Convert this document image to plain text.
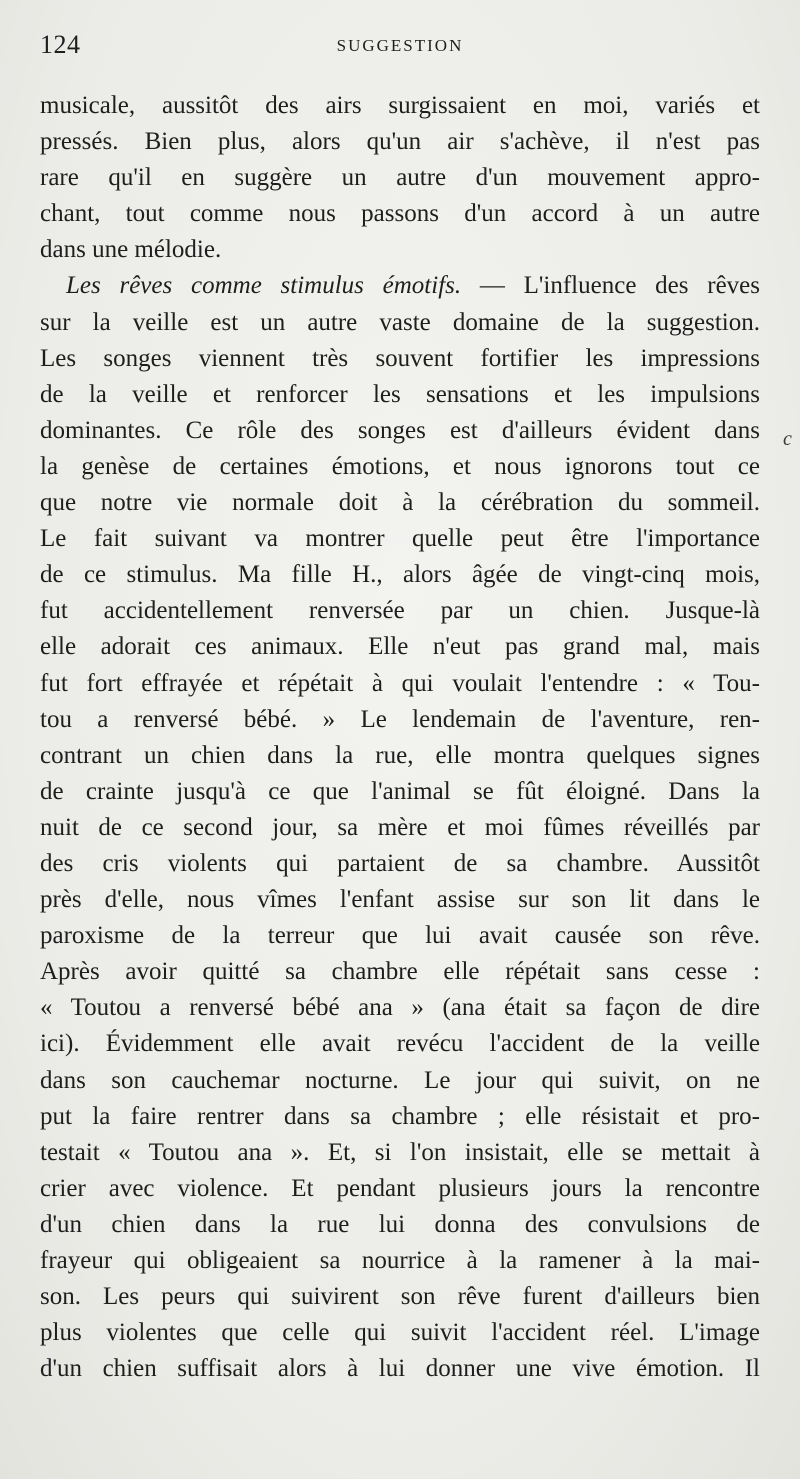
124	SUGGESTION
c
musicale, aussitôt des airs surgissaient en moi, variés et
pressés. Bien plus, alors qu'un air s'achève, il n'est pas
rare qu'il en suggère un autre d'un mouvement appro-
chant, tout comme nous passons d'un accord à un autre
dans une mélodie.
Les rêves comme stimulus émotifs. — L'influence des rêves
sur la veille est un autre vaste domaine de la suggestion.
Les songes viennent très souvent fortifier les impressions
de la veille et renforcer les sensations et les impulsions
dominantes. Ce rôle des songes est d'ailleurs évident dans
la genèse de certaines émotions, et nous ignorons tout ce
que notre vie normale doit à la cérébration du sommeil.
Le fait suivant va montrer quelle peut être l'importance
de ce stimulus. Ma fille H., alors âgée de vingt-cinq mois,
fut accidentellement renversée par un chien. Jusque-là
elle adorait ces animaux. Elle n'eut pas grand mal, mais
fut fort effrayée et répétait à qui voulait l'entendre : « Tou-
tou a renversé bébé. » Le lendemain de l'aventure, ren-
contrant un chien dans la rue, elle montra quelques signes
de crainte jusqu'à ce que l'animal se fût éloigné. Dans la
nuit de ce second jour, sa mère et moi fûmes réveillés par
des cris violents qui partaient de sa chambre. Aussitôt
près d'elle, nous vîmes l'enfant assise sur son lit dans le
paroxisme de la terreur que lui avait causée son rêve.
Après avoir quitté sa chambre elle répétait sans cesse :
« Toutou a renversé bébé ana » (ana était sa façon de dire
ici). Évidemment elle avait revécu l'accident de la veille
dans son cauchemar nocturne. Le jour qui suivit, on ne
put la faire rentrer dans sa chambre ; elle résistait et pro-
testait « Toutou ana ». Et, si l'on insistait, elle se mettait à
crier avec violence. Et pendant plusieurs jours la rencontre
d'un chien dans la rue lui donna des convulsions de
frayeur qui obligeaient sa nourrice à la ramener à la mai-
son. Les peurs qui suivirent son rêve furent d'ailleurs bien
plus violentes que celle qui suivit l'accident réel. L'image
d'un chien suffisait alors à lui donner une vive émotion. Il
